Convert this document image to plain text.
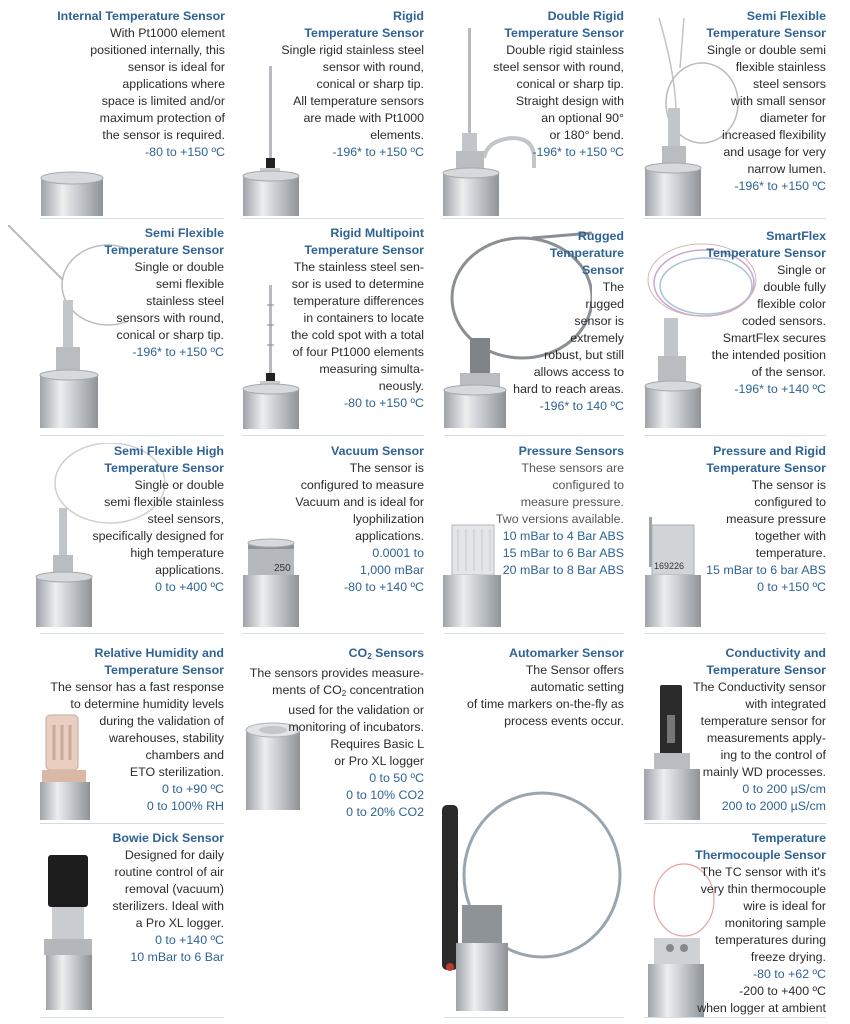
Internal Temperature Sensor
With Pt1000 element
positioned internally, this
sensor is ideal for
applications where
space is limited and/or
maximum protection of
the sensor is required.
-80 to +150 ºC
Rigid
Temperature Sensor
Single rigid stainless steel
sensor with round,
conical or sharp tip.
All temperature sensors
are made with Pt1000
elements.
-196* to +150 ºC
Double Rigid
Temperature Sensor
Double rigid stainless
steel sensor with round,
conical or sharp tip.
Straight design with
an optional 90°
or 180° bend.
-196* to +150 ºC
Semi Flexible
Temperature Sensor
Single or double semi
flexible stainless
steel sensors
with small sensor
diameter for
increased flexibility
and usage for very
narrow lumen.
-196* to +150 ºC
Semi Flexible
Temperature Sensor
Single or double
semi flexible
stainless steel
sensors with round,
conical or sharp tip.
-196* to +150 ºC
Rigid Multipoint
Temperature Sensor
The stainless steel sen-
sor is used to determine
temperature differences
in containers to locate
the cold spot with a total
of four Pt1000 elements
measuring simulta-
neously.
-80 to +150 ºC
Rugged
Temperature
Sensor
The
rugged
sensor is
extremely
robust, but still
allows access to
hard to reach areas.
-196* to 140 ºC
SmartFlex
Temperature Sensor
Single or
double fully
flexible color
coded sensors.
SmartFlex secures
the intended position
of the sensor.
-196* to +140 ºC
Semi Flexible High
Temperature Sensor
Single or double
semi flexible stainless
steel sensors,
specifically designed for
high temperature
applications.
0 to +400 ºC
250
Vacuum Sensor
The sensor is
configured to measure
Vacuum and is ideal for
lyophilization
applications.
0.0001 to
1,000 mBar
-80 to +140 ºC
Pressure Sensors
These sensors are
configured to
measure pressure.
Two versions available.
10 mBar to 4 Bar ABS
15 mBar to 6 Bar ABS
20 mBar to 8 Bar ABS	169226
Pressure and Rigid
Temperature Sensor
The sensor is
configured to
measure pressure
together with
temperature.
15 mBar to 6 bar ABS
0 to +150 ºC
Relative Humidity and
Temperature Sensor
The sensor has a fast response
to determine humidity levels
during the validation of
warehouses, stability
chambers and
ETO sterilization.
0 to +90 ºC
0 to 100% RH
$CO_2$ Sensors
The sensors provides measure-
ments of $CO_2$ concentration
used for the validation or
monitoring of incubators.
Requires Basic L
or Pro XL logger
0 to 50 ºC
0 to 10% CO2
0 to 20% CO2
Automarker Sensor
The Sensor offers
automatic setting
of time markers on-the-fly as
process events occur.
Conductivity and
Temperature Sensor
The Conductivity sensor
with integrated
temperature sensor for
measurements apply-
ing to the control of
mainly WD processes.
0 to 200 µS/cm
200 to 2000 µS/cm
Bowie Dick Sensor
Designed for daily
routine control of air
removal (vacuum)
sterilizers. Ideal with
a Pro XL logger.
0 to +140 ºC
10 mBar to 6 Bar
Temperature
Thermocouple Sensor
The TC sensor with it's
very thin thermocouple
wire is ideal for
monitoring sample
temperatures during
freeze drying.
-80 to +62 ºC
-200 to +400 ºC
when logger at ambient
